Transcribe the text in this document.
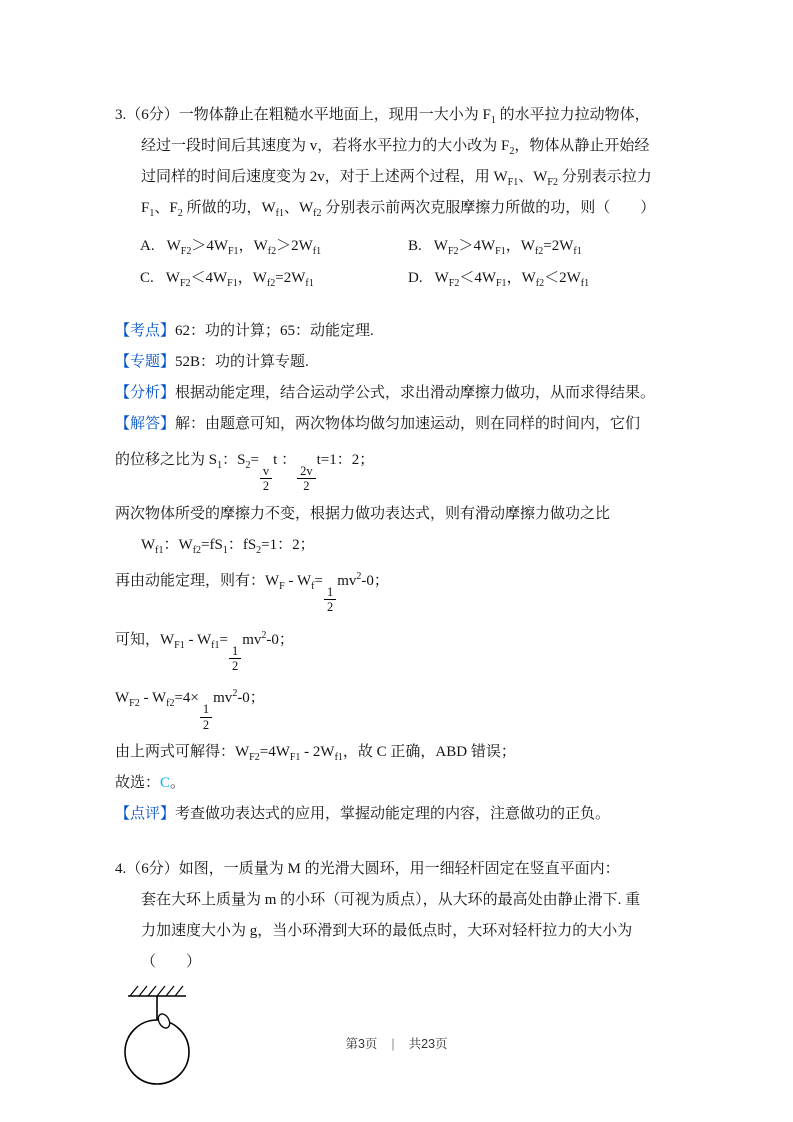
3.（6分）一物体静止在粗糙水平地面上，现用一大小为 $F_1$ 的水平拉力拉动物体，
经过一段时间后其速度为 v，若将水平拉力的大小改为 $F_2$，物体从静止开始经
过同样的时间后速度变为 2v，对于上述两个过程，用 $W_{F1}$、$W_{F2}$ 分别表示拉力
$F_1$、$F_2$ 所做的功，$W_{f1}$、$W_{f2}$ 分别表示前两次克服摩擦力所做的功，则（　　）
A. $W_{F2}>4W_{F1}$，$W_{f2}>2W_{f1}$	B. $W_{F2}>4W_{F1}$，$W_{f2}=2W_{f1}$
C. $W_{F2}<4W_{F1}$，$W_{f2}=2W_{f1}$	D. $W_{F2}<4W_{F1}$，$W_{f2}<2W_{f1}$
【考点】62：功的计算；65：动能定理.
【专题】52B：功的计算专题.
【分析】根据动能定理，结合运动学公式，求出滑动摩擦力做功，从而求得结果。
【解答】解：由题意可知，两次物体均做匀加速运动，则在同样的时间内，它们
的位移之比为 $S_1$：$S_2=$
$\frac{v}{2}$
t ：
$\frac{2v}{2}$
t=1：2；
两次物体所受的摩擦力不变，根据力做功表达式，则有滑动摩擦力做功之比
$W_{f1}$：$W_{f2}=fS_1$：$fS_2=1$：2；
再由动能定理，则有：$W_F - W_f=$
$\frac{1}{2}$
$mv^2-0$；
可知，$W_{F1} - W_{f1}=$
$\frac{1}{2}$
$mv^2-0$；
$W_{F2} - W_{f2}=4\times$
$\frac{1}{2}$
$mv^2-0$；
由上两式可解得：$W_{F2}=4W_{F1} - 2W_{f1}$，故 C 正确，ABD 错误；
故选：C。
【点评】考查做功表达式的应用，掌握动能定理的内容，注意做功的正负。
4.（6分）如图，一质量为 M 的光滑大圆环，用一细轻杆固定在竖直平面内：
套在大环上质量为 m 的小环（可视为质点），从大环的最高处由静止滑下. 重
力加速度大小为 g，当小环滑到大环的最低点时，大环对轻杆拉力的大小为
（　　）
第3页 | 共23页
